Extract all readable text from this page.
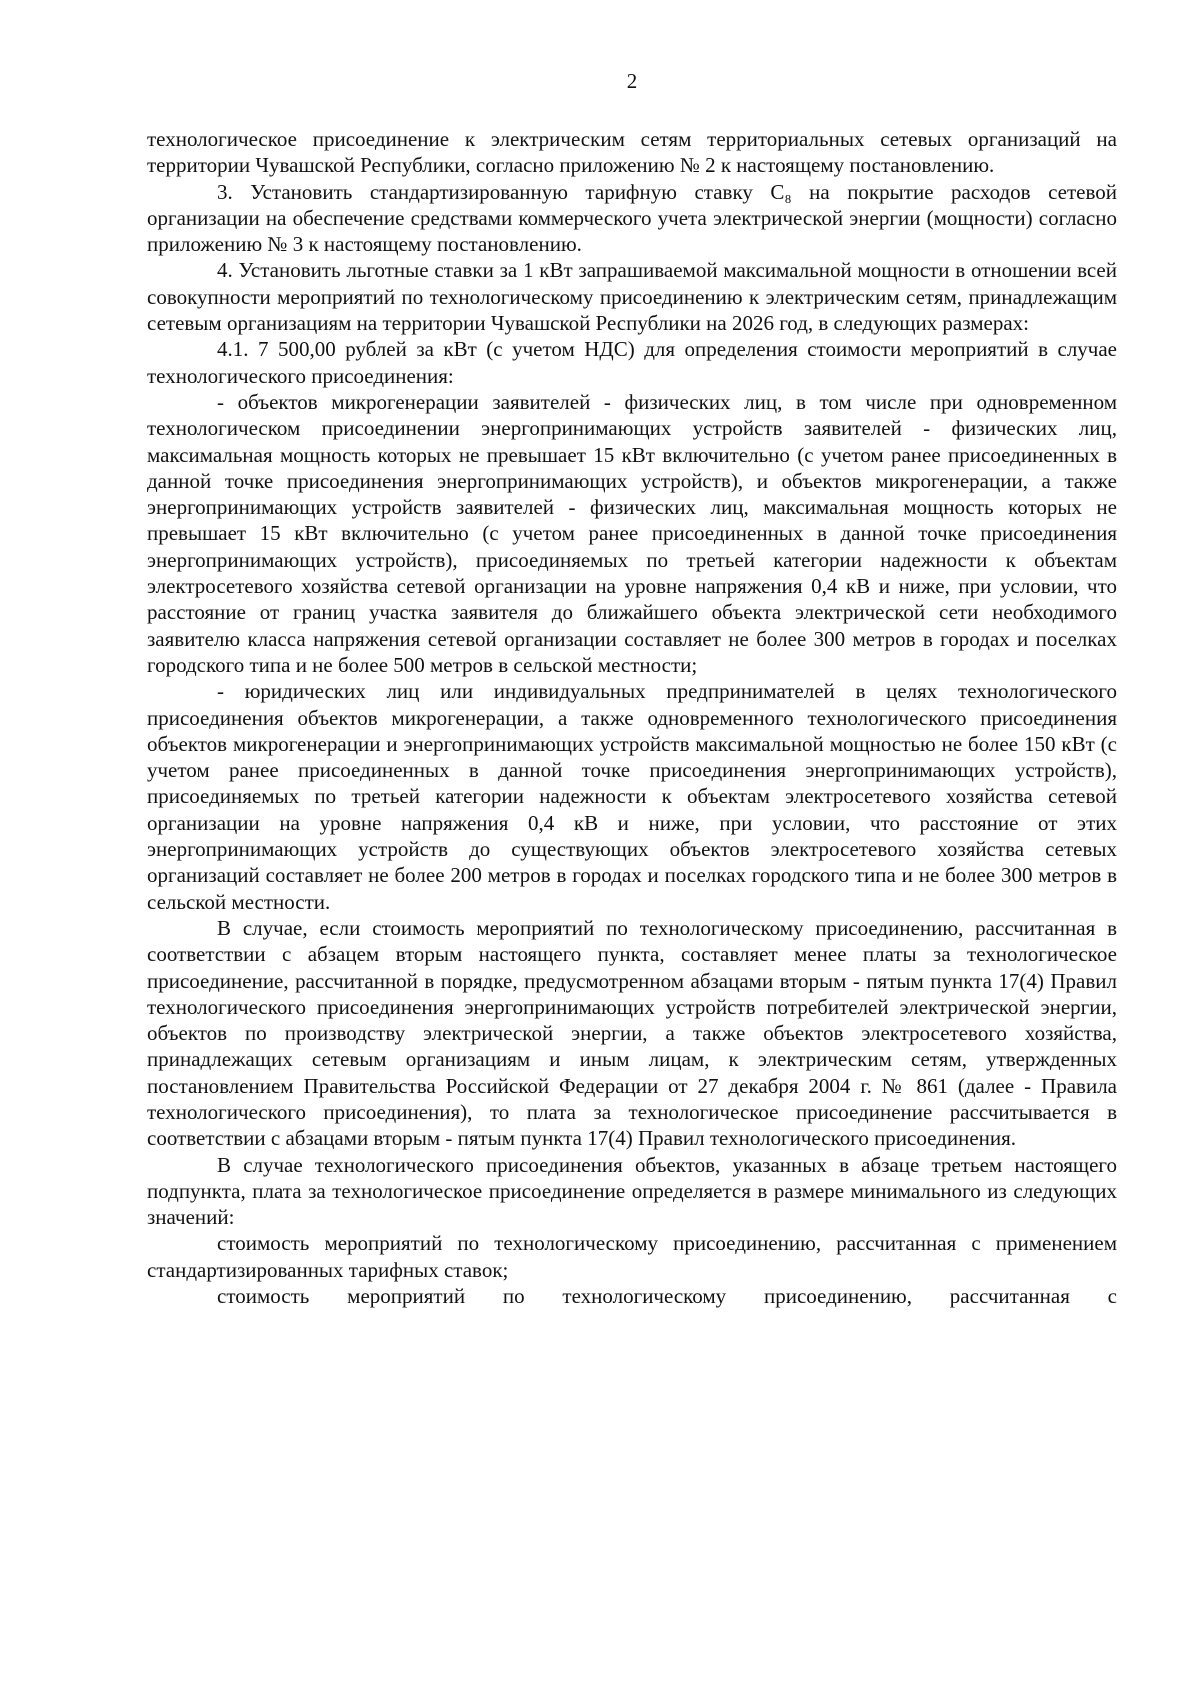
2

технологическое присоединение к электрическим сетям территориальных сетевых организаций на территории Чувашской Республики, согласно приложению № 2 к настоящему постановлению.

3. Установить стандартизированную тарифную ставку C₈ на покрытие расходов сетевой организации на обеспечение средствами коммерческого учета электрической энергии (мощности) согласно приложению № 3 к настоящему постановлению.

4. Установить льготные ставки за 1 кВт запрашиваемой максимальной мощности в отношении всей совокупности мероприятий по технологическому присоединению к электрическим сетям, принадлежащим сетевым организациям на территории Чувашской Республики на 2026 год, в следующих размерах:

4.1. 7 500,00 рублей за кВт (с учетом НДС) для определения стоимости мероприятий в случае технологического присоединения:

- объектов микрогенерации заявителей - физических лиц, в том числе при одновременном технологическом присоединении энергопринимающих устройств заявителей - физических лиц, максимальная мощность которых не превышает 15 кВт включительно (с учетом ранее присоединенных в данной точке присоединения энергопринимающих устройств), и объектов микрогенерации, а также энергопринимающих устройств заявителей - физических лиц, максимальная мощность которых не превышает 15 кВт включительно (с учетом ранее присоединенных в данной точке присоединения энергопринимающих устройств), присоединяемых по третьей категории надежности к объектам электросетевого хозяйства сетевой организации на уровне напряжения 0,4 кВ и ниже, при условии, что расстояние от границ участка заявителя до ближайшего объекта электрической сети необходимого заявителю класса напряжения сетевой организации составляет не более 300 метров в городах и поселках городского типа и не более 500 метров в сельской местности;

- юридических лиц или индивидуальных предпринимателей в целях технологического присоединения объектов микрогенерации, а также одновременного технологического присоединения объектов микрогенерации и энергопринимающих устройств максимальной мощностью не более 150 кВт (с учетом ранее присоединенных в данной точке присоединения энергопринимающих устройств), присоединяемых по третьей категории надежности к объектам электросетевого хозяйства сетевой организации на уровне напряжения 0,4 кВ и ниже, при условии, что расстояние от этих энергопринимающих устройств до существующих объектов электросетевого хозяйства сетевых организаций составляет не более 200 метров в городах и поселках городского типа и не более 300 метров в сельской местности.

В случае, если стоимость мероприятий по технологическому присоединению, рассчитанная в соответствии с абзацем вторым настоящего пункта, составляет менее платы за технологическое присоединение, рассчитанной в порядке, предусмотренном абзацами вторым - пятым пункта 17(4) Правил технологического присоединения энергопринимающих устройств потребителей электрической энергии, объектов по производству электрической энергии, а также объектов электросетевого хозяйства, принадлежащих сетевым организациям и иным лицам, к электрическим сетям, утвержденных постановлением Правительства Российской Федерации от 27 декабря 2004 г. № 861 (далее - Правила технологического присоединения), то плата за технологическое присоединение рассчитывается в соответствии с абзацами вторым - пятым пункта 17(4) Правил технологического присоединения.

В случае технологического присоединения объектов, указанных в абзаце третьем настоящего подпункта, плата за технологическое присоединение определяется в размере минимального из следующих значений:

стоимость мероприятий по технологическому присоединению, рассчитанная с применением стандартизированных тарифных ставок;

стоимость мероприятий по технологическому присоединению, рассчитанная с
